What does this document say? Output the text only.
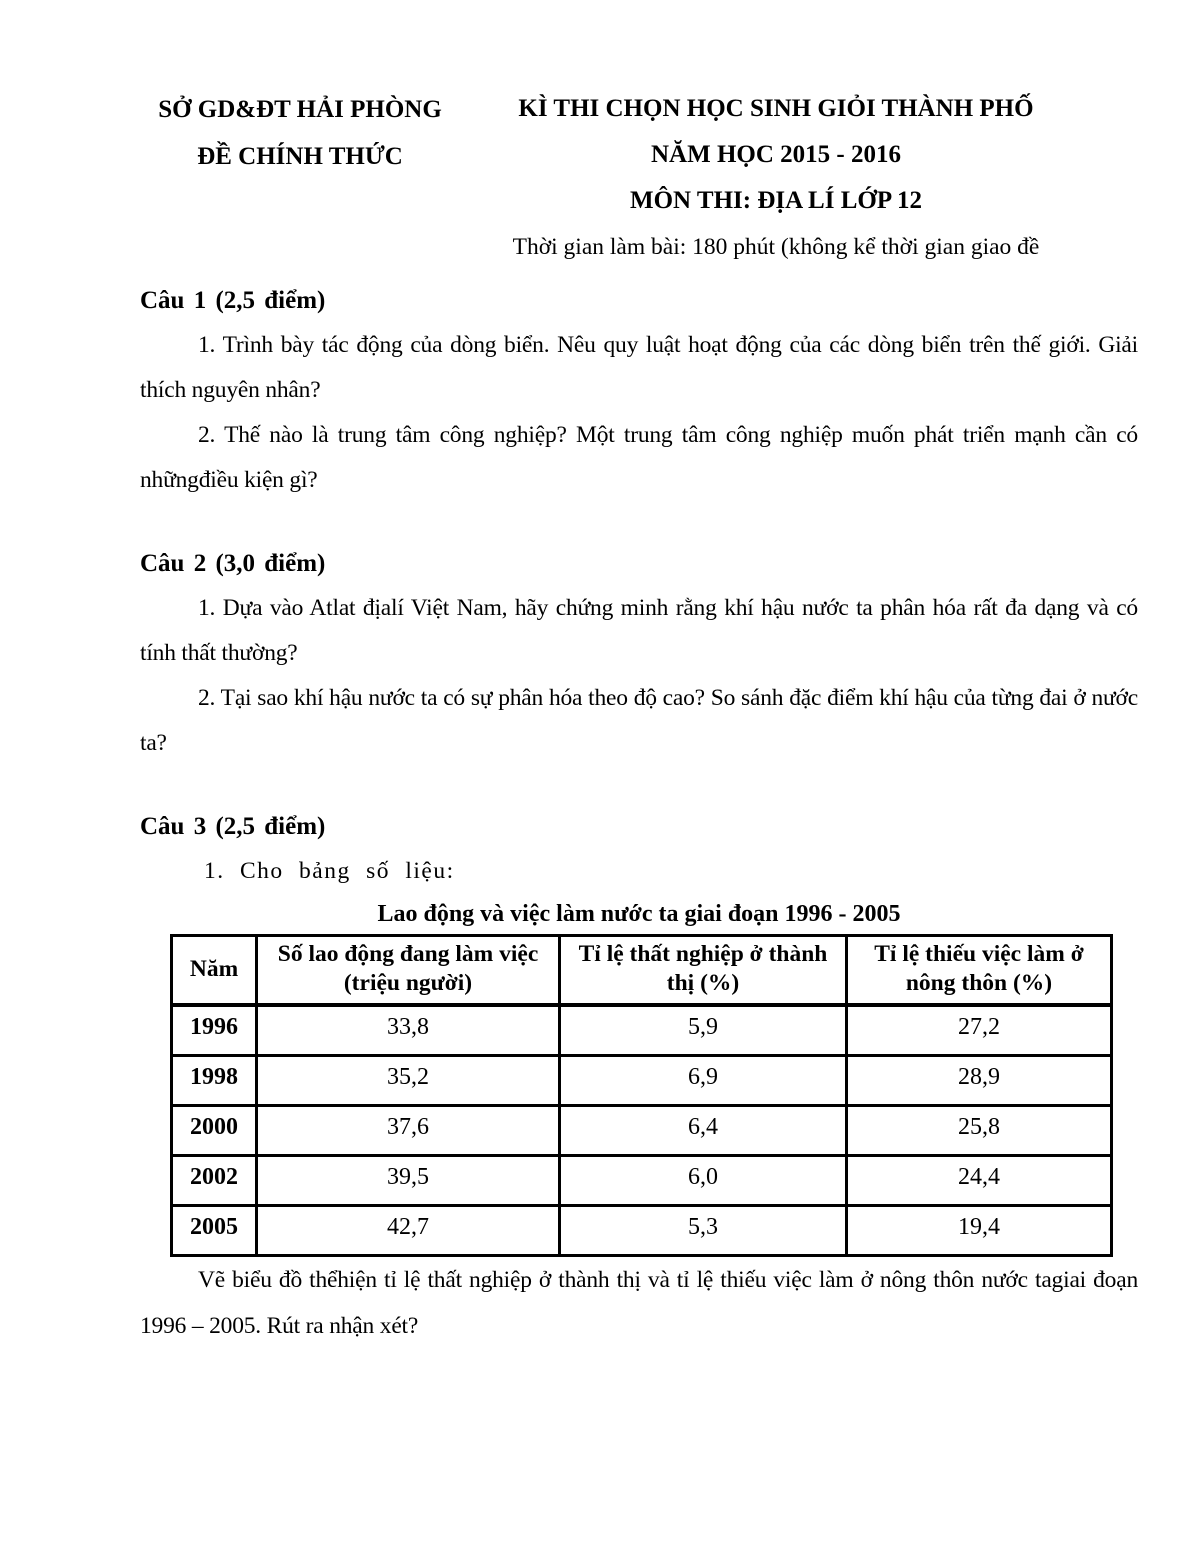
SỞ GD&ĐT HẢI PHÒNG
ĐỀ CHÍNH THỨC
KÌ THI CHỌN HỌC SINH GIỎI THÀNH PHỐ
NĂM HỌC 2015 - 2016
MÔN THI: ĐỊA LÍ LỚP 12
Thời gian làm bài: 180 phút (không kể thời gian giao đề

Câu 1 (2,5 điểm)

1. Trình bày tác động của dòng biển. Nêu quy luật hoạt động của các dòng biển trên thế giới. Giải thích nguyên nhân?

2. Thế nào là trung tâm công nghiệp? Một trung tâm công nghiệp muốn phát triển mạnh cần có nhữngđiều kiện gì?

Câu 2 (3,0 điểm)

1. Dựa vào Atlat địalí Việt Nam, hãy chứng minh rằng khí hậu nước ta phân hóa rất đa dạng và có tính thất thường?

2. Tại sao khí hậu nước ta có sự phân hóa theo độ cao? So sánh đặc điểm khí hậu của từng đai ở nước ta?

Câu 3 (2,5 điểm)

1. Cho bảng số liệu:

Lao động và việc làm nước ta giai đoạn 1996 - 2005

Năm	Số lao động đang làm việc (triệu người)	Tỉ lệ thất nghiệp ở thành thị (%)	Tỉ lệ thiếu việc làm ở nông thôn (%)
1996	33,8	5,9	27,2
1998	35,2	6,9	28,9
2000	37,6	6,4	25,8
2002	39,5	6,0	24,4
2005	42,7	5,3	19,4

Vẽ biểu đồ thểhiện tỉ lệ thất nghiệp ở thành thị và tỉ lệ thiếu việc làm ở nông thôn nước tagiai đoạn 1996 – 2005. Rút ra nhận xét?
